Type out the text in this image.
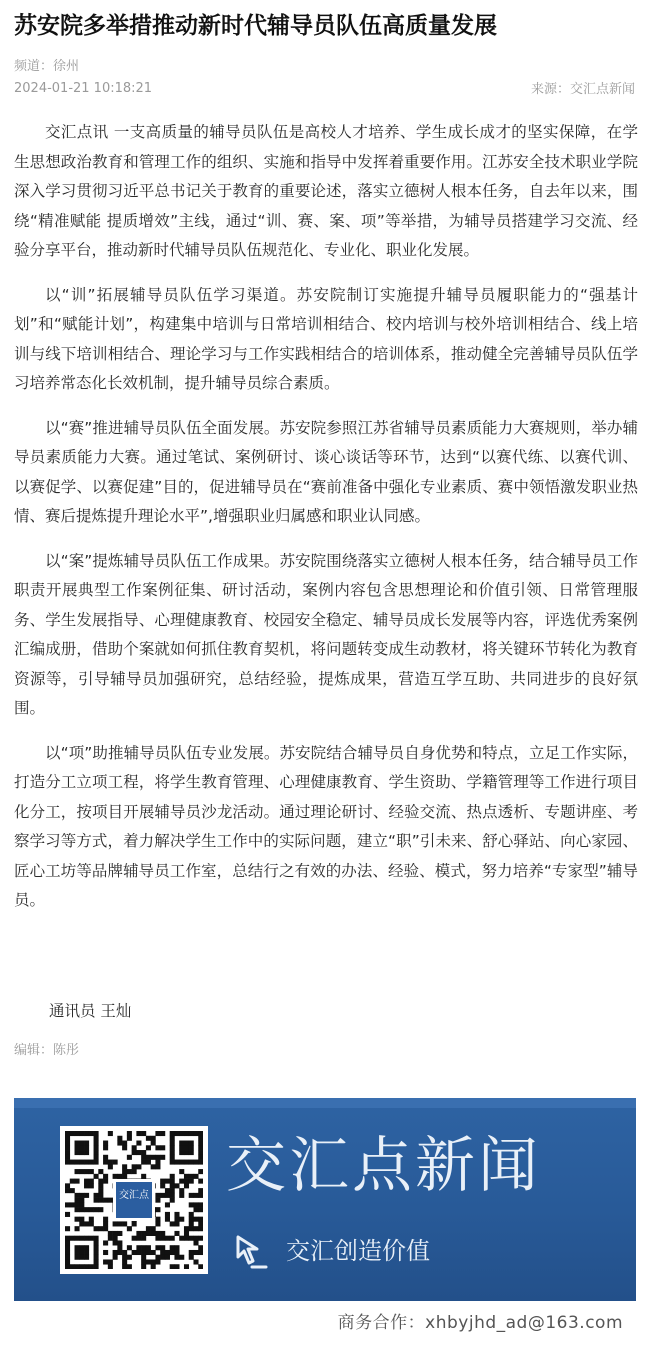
苏安院多举措推动新时代辅导员队伍高质量发展
频道：徐州
2024-01-21 10:18:21	来源：交汇点新闻

交汇点讯 一支高质量的辅导员队伍是高校人才培养、学生成长成才的坚实保障，在学生思想政治教育和管理工作的组织、实施和指导中发挥着重要作用。江苏安全技术职业学院深入学习贯彻习近平总书记关于教育的重要论述，落实立德树人根本任务，自去年以来，围绕“精准赋能 提质增效”主线，通过“训、赛、案、项”等举措，为辅导员搭建学习交流、经验分享平台，推动新时代辅导员队伍规范化、专业化、职业化发展。

以“训”拓展辅导员队伍学习渠道。苏安院制订实施提升辅导员履职能力的“强基计划”和“赋能计划”，构建集中培训与日常培训相结合、校内培训与校外培训相结合、线上培训与线下培训相结合、理论学习与工作实践相结合的培训体系，推动健全完善辅导员队伍学习培养常态化长效机制，提升辅导员综合素质。

以“赛”推进辅导员队伍全面发展。苏安院参照江苏省辅导员素质能力大赛规则，举办辅导员素质能力大赛。通过笔试、案例研讨、谈心谈话等环节，达到“以赛代练、以赛代训、以赛促学、以赛促建”目的，促进辅导员在“赛前准备中强化专业素质、赛中领悟激发职业热情、赛后提炼提升理论水平”,增强职业归属感和职业认同感。

以“案”提炼辅导员队伍工作成果。苏安院围绕落实立德树人根本任务，结合辅导员工作职责开展典型工作案例征集、研讨活动，案例内容包含思想理论和价值引领、日常管理服务、学生发展指导、心理健康教育、校园安全稳定、辅导员成长发展等内容，评选优秀案例汇编成册，借助个案就如何抓住教育契机，将问题转变成生动教材，将关键环节转化为教育资源等，引导辅导员加强研究，总结经验，提炼成果，营造互学互助、共同进步的良好氛围。

以“项”助推辅导员队伍专业发展。苏安院结合辅导员自身优势和特点，立足工作实际，打造分工立项工程，将学生教育管理、心理健康教育、学生资助、学籍管理等工作进行项目化分工，按项目开展辅导员沙龙活动。通过理论研讨、经验交流、热点透析、专题讲座、考察学习等方式，着力解决学生工作中的实际问题，建立“职”引未来、舒心驿站、向心家园、匠心工坊等品牌辅导员工作室，总结行之有效的办法、经验、模式，努力培养“专家型”辅导员。

通讯员 王灿
编辑：陈彤
交汇点 交汇点新闻
交汇创造价值
商务合作：xhbyjhd_ad@163.com
